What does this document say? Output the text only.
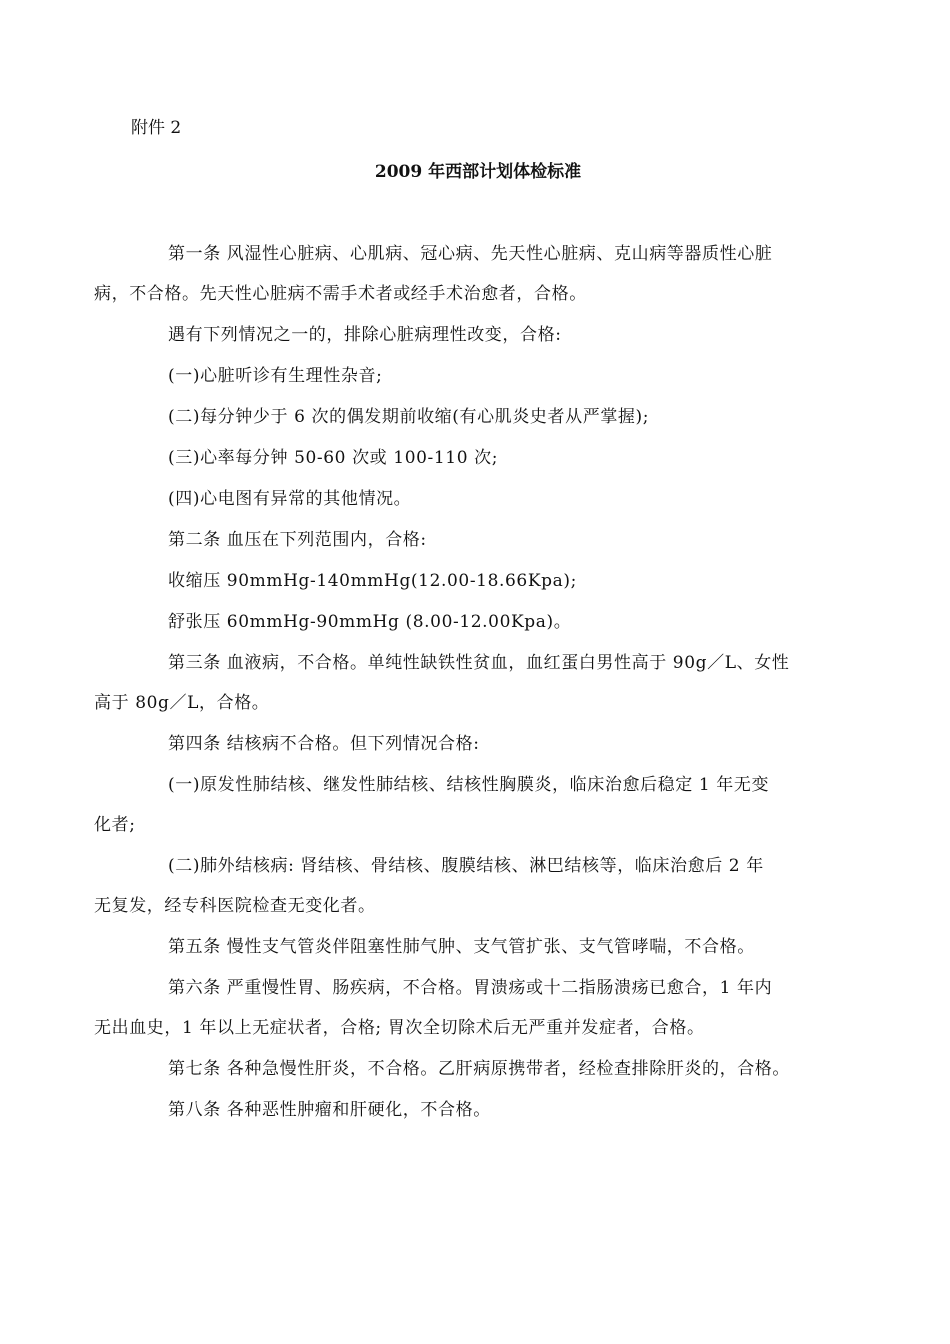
附件 2
2009 年西部计划体检标准
第一条 风湿性心脏病、心肌病、冠心病、先天性心脏病、克山病等器质性心脏
病，不合格。先天性心脏病不需手术者或经手术治愈者，合格。
遇有下列情况之一的，排除心脏病理性改变，合格:
(一)心脏听诊有生理性杂音;
(二)每分钟少于 6 次的偶发期前收缩(有心肌炎史者从严掌握);
(三)心率每分钟 50-60 次或 100-110 次;
(四)心电图有异常的其他情况。
第二条 血压在下列范围内，合格:
收缩压 90mmHg-140mmHg(12.00-18.66Kpa);
舒张压 60mmHg-90mmHg (8.00-12.00Kpa)。
第三条 血液病，不合格。单纯性缺铁性贫血，血红蛋白男性高于 90g／L、女性
高于 80g／L，合格。
第四条 结核病不合格。但下列情况合格:
(一)原发性肺结核、继发性肺结核、结核性胸膜炎，临床治愈后稳定 1 年无变
化者;
(二)肺外结核病: 肾结核、骨结核、腹膜结核、淋巴结核等，临床治愈后 2 年
无复发，经专科医院检查无变化者。
第五条 慢性支气管炎伴阻塞性肺气肿、支气管扩张、支气管哮喘，不合格。
第六条 严重慢性胃、肠疾病，不合格。胃溃疡或十二指肠溃疡已愈合，1 年内
无出血史，1 年以上无症状者，合格; 胃次全切除术后无严重并发症者，合格。
第七条 各种急慢性肝炎，不合格。乙肝病原携带者，经检查排除肝炎的，合格。
第八条 各种恶性肿瘤和肝硬化，不合格。
